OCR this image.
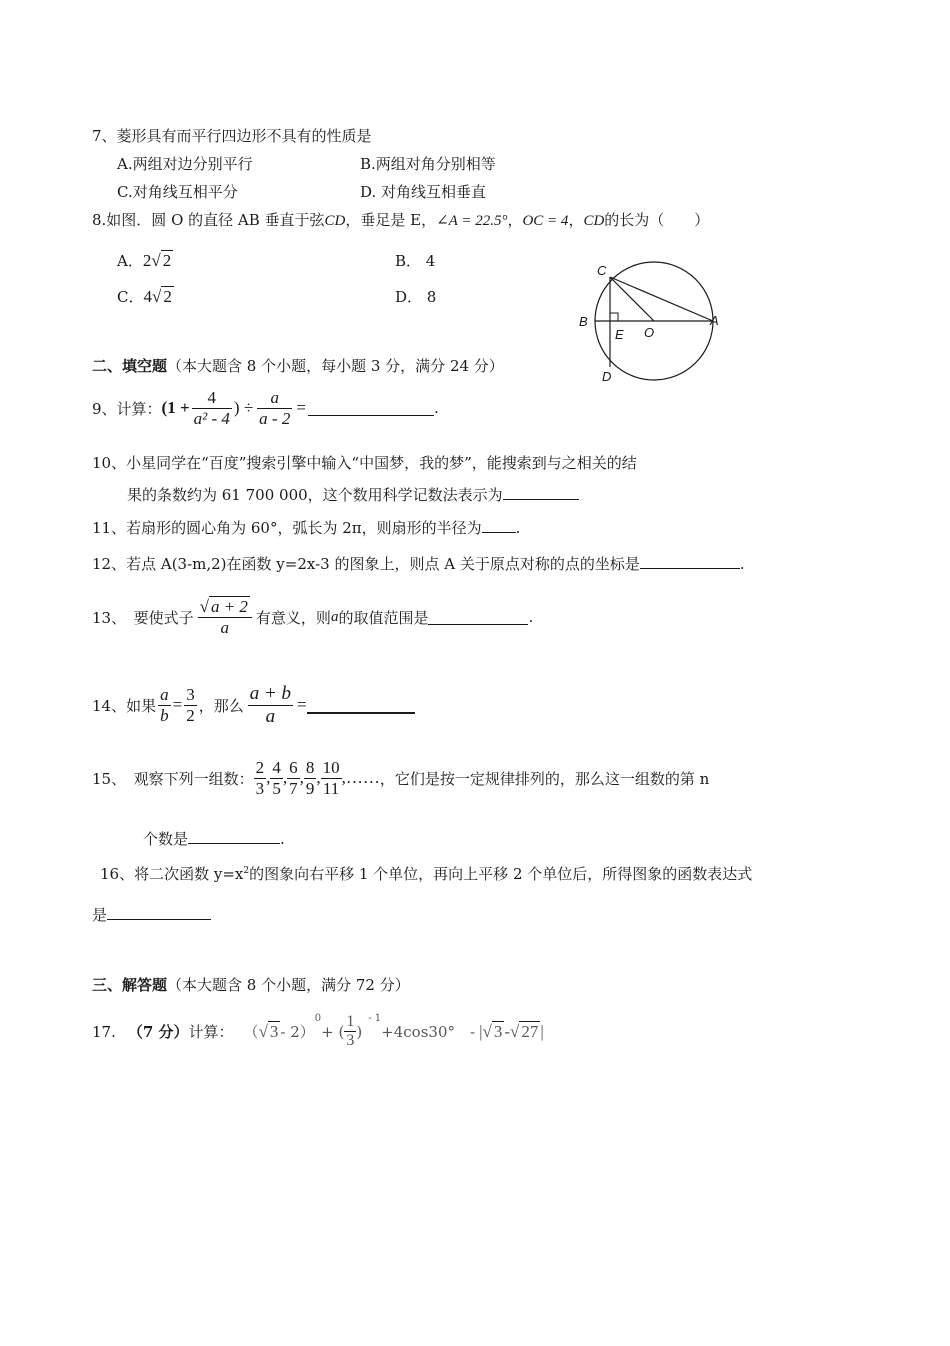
7、菱形具有而平行四边形不具有的性质是
A.两组对边分别平行	B.两组对角分别相等
C.对角线互相平分	D. 对角线互相垂直
8.如图．圆 O 的直径 AB 垂直于弦CD，垂足是 E，∠A = 22.5°，OC = 4，CD的长为（　　）
A．2√ 2	B． 4
C．4√ 2	D． 8
C
B
E O
A
D
二、填空题（本大题含 8 个小题，每小题 3 分，满分 24 分）
9、计算： ($1 + \frac{4}{\text{a² - 4}}$ ) ÷ $\frac{a}{a - 2}$ =	.
10、小星同学在“百度”搜索引擎中输入“中国梦，我的梦”，能搜索到与之相关的结
果的条数约为 61 700 000，这个数用科学记数法表示为
11、若扇形的圆心角为 60°，弧长为 2π，则扇形的半径为 .
12、若点 A(3-m,2)在函数 y=2x-3 的图象上，则点 A 关于原点对称的点的坐标是	.
13、　要使式子 $\frac{√ a + 2}{a}$ 有意义，则 a 的取值范围是	.
14、如果 $\frac{a}{b} = \frac{3}{2}$ ，那么 $\frac{a + b}{a}$ =
15、　观察下列一组数： $\frac{2}{3}$ , $\frac{4}{5}$ , $\frac{6}{7}$ , $\frac{8}{9}$ , $\frac{10}{11}$ ,…… ，它们是按一定规律排列的，那么这一组数的第 n
个数是	.
16、将二次函数 $y=x^2$的图象向右平移 1 个单位，再向上平移 2 个单位后，所得图象的函数表达式
是
三、解答题（本大题含 8 个小题，满分 72 分）
17. （7 分） 计算： （ √ 3 - 2）
$^0$
+ ( $\frac{1}{3}$ )
$^{- 1}$
+4cos30°　- | √ 3 - √ 27 |
